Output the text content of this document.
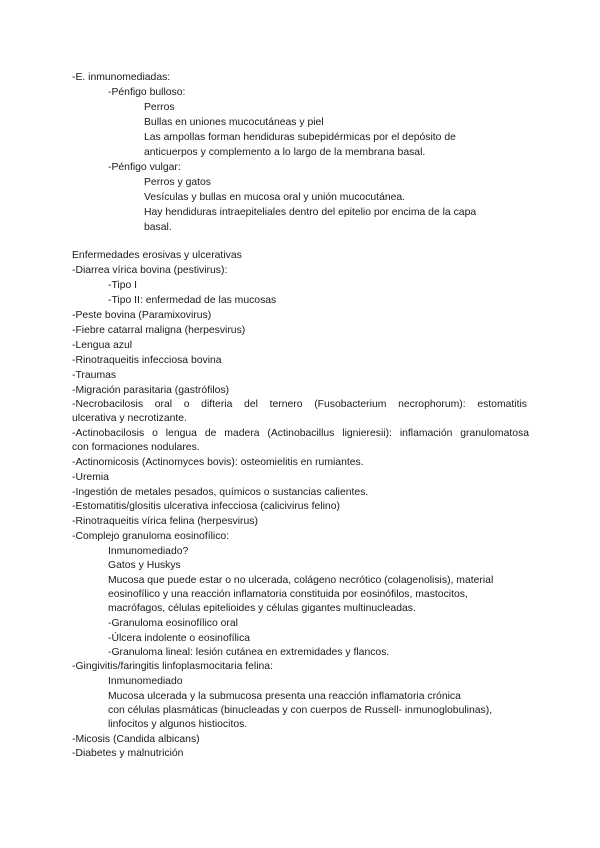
-E. inmunomediadas:
-Pénfigo bulloso:
Perros
Bullas en uniones mucocutáneas y piel
Las ampollas forman hendiduras subepidérmicas por el depósito de
anticuerpos y complemento a lo largo de la membrana basal.
-Pénfigo vulgar:
Perros y gatos
Vesículas y bullas en mucosa oral y unión mucocutánea.
Hay hendiduras intraepiteliales dentro del epitelio por encima de la capa
basal.
Enfermedades erosivas y ulcerativas
-Diarrea vírica bovina (pestivirus):
-Tipo I
-Tipo II: enfermedad de las mucosas
-Peste bovina (Paramixovirus)
-Fiebre catarral maligna (herpesvirus)
-Lengua azul
-Rinotraqueitis infecciosa bovina
-Traumas
-Migración parasitaria (gastrófilos)
-Necrobacilosis oral o difteria del ternero (Fusobacterium necrophorum): estomatitis
ulcerativa y necrotizante.
-Actinobacilosis o lengua de madera (Actinobacillus lignieresii): inflamación granulomatosa
con formaciones nodulares.
-Actinomicosis (Actinomyces bovis): osteomielitis en rumiantes.
-Uremia
-Ingestión de metales pesados, químicos o sustancias calientes.
-Estomatitis/glositis ulcerativa infecciosa (calicivirus felino)
-Rinotraqueitis vírica felina (herpesvirus)
-Complejo granuloma eosinofílico:
Inmunomediado?
Gatos y Huskys
Mucosa que puede estar o no ulcerada, colágeno necrótico (colagenolisis), material
eosinofílico y una reacción inflamatoria constituida por eosinófilos, mastocitos,
macrófagos, células epitelioides y células gigantes multinucleadas.
-Granuloma eosinofílico oral
-Úlcera indolente o eosinofílica
-Granuloma lineal: lesión cutánea en extremidades y flancos.
-Gingivitis/faringitis linfoplasmocitaria felina:
Inmunomediado
Mucosa ulcerada y la submucosa presenta una reacción inflamatoria crónica
con células plasmáticas (binucleadas y con cuerpos de Russell- inmunoglobulinas),
linfocitos y algunos histiocitos.
-Micosis (Candida albicans)
-Diabetes y malnutrición
